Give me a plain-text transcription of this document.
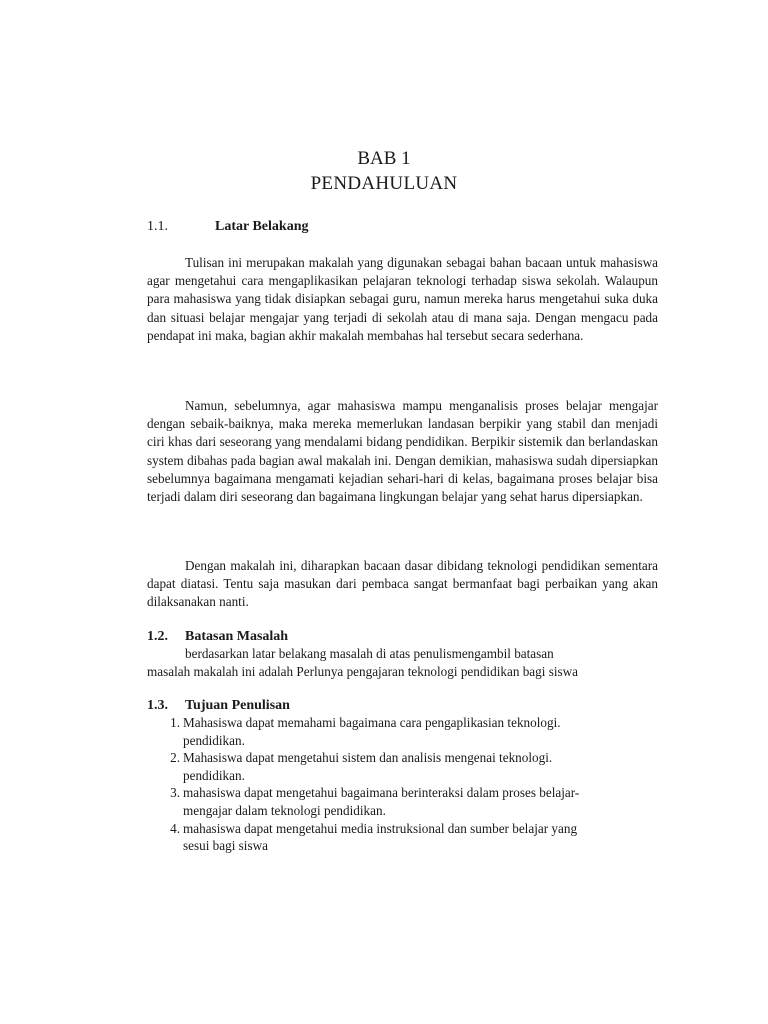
BAB 1
PENDAHULUAN
1.1.	Latar Belakang

Tulisan ini merupakan makalah yang digunakan sebagai bahan bacaan untuk mahasiswa agar mengetahui cara mengaplikasikan pelajaran teknologi terhadap siswa sekolah. Walaupun para mahasiswa yang tidak disiapkan sebagai guru, namun mereka harus mengetahui suka duka dan situasi belajar mengajar yang terjadi di sekolah atau di mana saja. Dengan mengacu pada pendapat ini maka, bagian akhir makalah membahas hal tersebut secara sederhana.

Namun, sebelumnya, agar mahasiswa mampu menganalisis proses belajar mengajar dengan sebaik-baiknya, maka mereka memerlukan landasan berpikir yang stabil dan menjadi ciri khas dari seseorang yang mendalami bidang pendidikan. Berpikir sistemik dan berlandaskan system dibahas pada bagian awal makalah ini. Dengan demikian, mahasiswa sudah dipersiapkan sebelumnya bagaimana mengamati kejadian sehari-hari di kelas, bagaimana proses belajar bisa terjadi dalam diri seseorang dan bagaimana lingkungan belajar yang sehat harus dipersiapkan.

Dengan makalah ini, diharapkan bacaan dasar dibidang teknologi pendidikan sementara dapat diatasi. Tentu saja masukan dari pembaca sangat bermanfaat bagi perbaikan yang akan dilaksanakan nanti.

1.2. Batasan Masalah
berdasarkan latar belakang masalah di atas penulismengambil batasan
masalah makalah ini adalah Perlunya pengajaran teknologi pendidikan bagi siswa
1.3. Tujuan Penulisan
1. Mahasiswa dapat memahami bagaimana cara pengaplikasian teknologi.
pendidikan.
2. Mahasiswa dapat mengetahui sistem dan analisis mengenai teknologi.
pendidikan.
3. mahasiswa dapat mengetahui bagaimana berinteraksi dalam proses belajar-
mengajar dalam teknologi pendidikan.
4. mahasiswa dapat mengetahui media instruksional dan sumber belajar yang
sesui bagi siswa
